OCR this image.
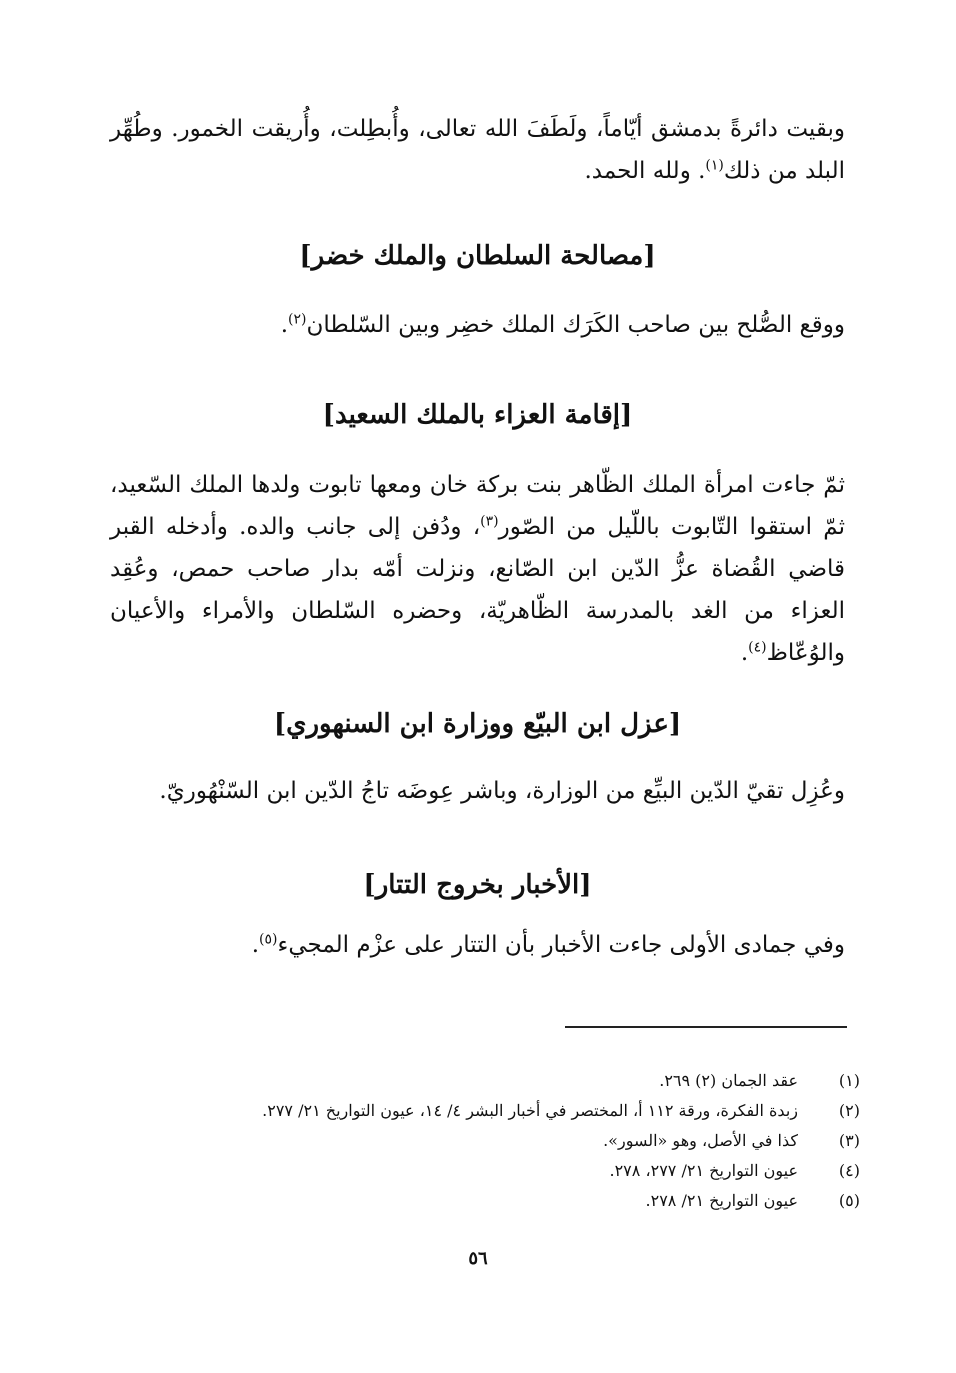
وبقيت دائرةً بدمشق أيّاماً، ولَطَفَ الله تعالى، وأُبطِلت، وأُريقت الخمور. وطُهِّر البلد من ذلك$^{(١)}$. ولله الحمد.

[مصالحة السلطان والملك خضر]

ووقع الصُّلح بين صاحب الكَرَك الملك خضِر وبين السّلطان$^{(٢)}$.

[إقامة العزاء بالملك السعيد]

ثمّ جاءت امرأة الملك الظّاهر بنت بركة خان ومعها تابوت ولدها الملك السّعيد، ثمّ استقوا التّابوت باللّيل من الصّور$^{(٣)}$، ودُفن إلى جانب والده. وأدخله القبر قاضي القُضاة عزُّ الدّين ابن الصّانع، ونزلت أمّه بدار صاحب حمص، وعُقِد العزاء من الغد بالمدرسة الظّاهريّة، وحضره السّلطان والأمراء والأعيان والوُعّاظ$^{(٤)}$.

[عزل ابن البيّع ووزارة ابن السنهوري]

وعُزِل تقيّ الدّين البيِّع من الوزارة، وباشر عِوضَه تاجُ الدّين ابن السّنْهُوريّ.

[الأخبار بخروج التتار]

وفي جمادى الأولى جاءت الأخبار بأن التتار على عزْم المجيء$^{(٥)}$.

(١)
عقد الجمان (٢) ٢٦٩.
(٢)
زبدة الفكرة، ورقة ١١٢ أ، المختصر في أخبار البشر ٤/ ١٤، عيون التواريخ ٢١/ ٢٧٧.
(٣)
كذا في الأصل، وهو «السور».
(٤)
عيون التواريخ ٢١/ ٢٧٧، ٢٧٨.
(٥)
عيون التواريخ ٢١/ ٢٧٨.
٥٦
